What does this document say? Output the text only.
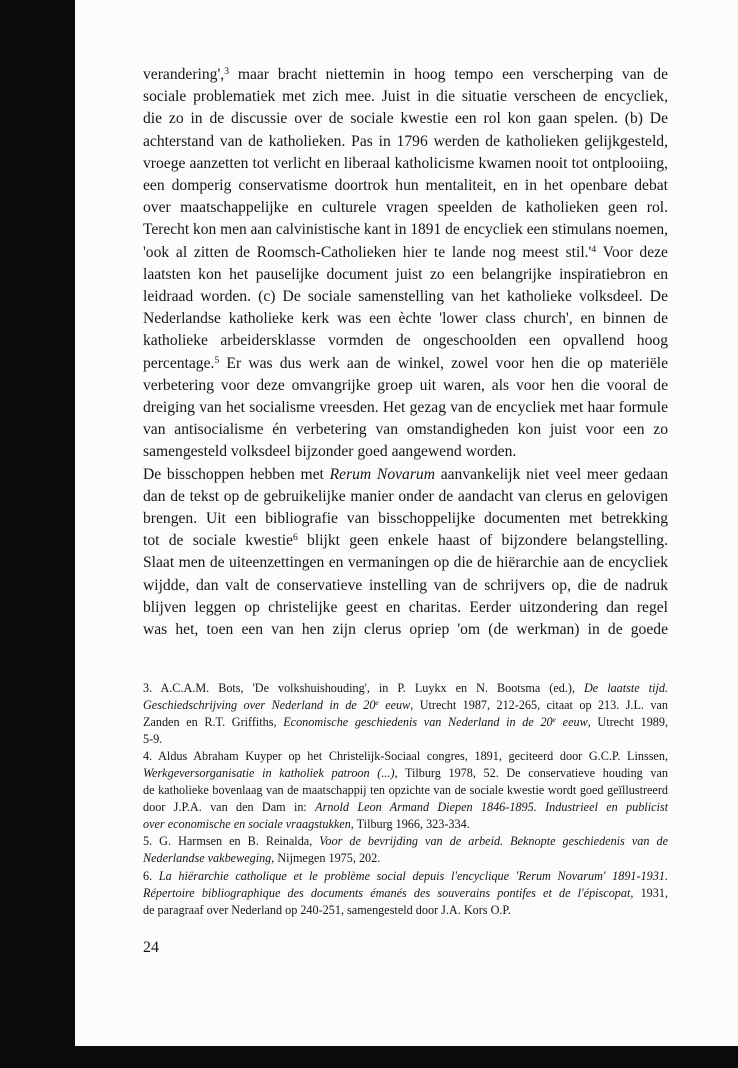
verandering',$^3$ maar bracht niettemin in hoog tempo een verscherping van de
sociale problematiek met zich mee. Juist in die situatie verscheen de encycliek,
die zo in de discussie over de sociale kwestie een rol kon gaan spelen. (b) De
achterstand van de katholieken. Pas in 1796 werden de katholieken gelijkgesteld,
vroege aanzetten tot verlicht en liberaal katholicisme kwamen nooit tot ontplooiing,
een domperig conservatisme doortrok hun mentaliteit, en in het openbare debat
over maatschappelijke en culturele vragen speelden de katholieken geen rol.
Terecht kon men aan calvinistische kant in 1891 de encycliek een stimulans noemen,
'ook al zitten de Roomsch-Catholieken hier te lande nog meest $stil.'^4$ Voor deze
laatsten kon het pauselijke document juist zo een belangrijke inspiratiebron en
leidraad worden. (c) De sociale samenstelling van het katholieke volksdeel. De
Nederlandse katholieke kerk was een èchte 'lower class church', en binnen de
katholieke arbeidersklasse vormden de ongeschoolden een opvallend hoog
percentage.$^5$ Er was dus werk aan de winkel, zowel voor hen die op materiële
verbetering voor deze omvangrijke groep uit waren, als voor hen die vooral de
dreiging van het socialisme vreesden. Het gezag van de encycliek met haar formule
van antisocialisme én verbetering van omstandigheden kon juist voor een zo
samengesteld volksdeel bijzonder goed aangewend worden.
De bisschoppen hebben met Rerum Novarum aanvankelijk niet veel meer gedaan
dan de tekst op de gebruikelijke manier onder de aandacht van clerus en gelovigen
brengen. Uit een bibliografie van bisschoppelijke documenten met betrekking
tot de sociale kwestie$^6$ blijkt geen enkele haast of bijzondere belangstelling.
Slaat men de uiteenzettingen en vermaningen op die de hiërarchie aan de encycliek
wijdde, dan valt de conservatieve instelling van de schrijvers op, die de nadruk
blijven leggen op christelijke geest en charitas. Eerder uitzondering dan regel
was het, toen een van hen zijn clerus opriep 'om (de werkman) in de goede
3. A.C.A.M. Bots, 'De volkshuishouding', in P. Luykx en N. Bootsma (ed.), De laatste tijd.
Geschiedschrijving over Nederland in de 20e eeuw, Utrecht 1987, 212-265, citaat op 213. J.L. van
Zanden en R.T. Griffiths, Economische geschiedenis van Nederland in de 20e eeuw, Utrecht 1989,
5-9.
4. Aldus Abraham Kuyper op het Christelijk-Sociaal congres, 1891, geciteerd door G.C.P. Linssen,
Werkgeversorganisatie in katholiek patroon (...), Tilburg 1978, 52. De conservatieve houding van
de katholieke bovenlaag van de maatschappij ten opzichte van de sociale kwestie wordt goed geïllustreerd
door J.P.A. van den Dam in: Arnold Leon Armand Diepen 1846-1895. Industrieel en publicist
over economische en sociale vraagstukken, Tilburg 1966, 323-334.
5. G. Harmsen en B. Reinalda, Voor de bevrijding van de arbeid. Beknopte geschiedenis van de
Nederlandse vakbeweging, Nijmegen 1975, 202.
6. La hiërarchie catholique et le problème social depuis l'encyclique 'Rerum Novarum' 1891-1931.
Répertoire bibliographique des documents émanés des souverains pontifes et de l'épiscopat, 1931,
de paragraaf over Nederland op 240-251, samengesteld door J.A. Kors O.P.
24
